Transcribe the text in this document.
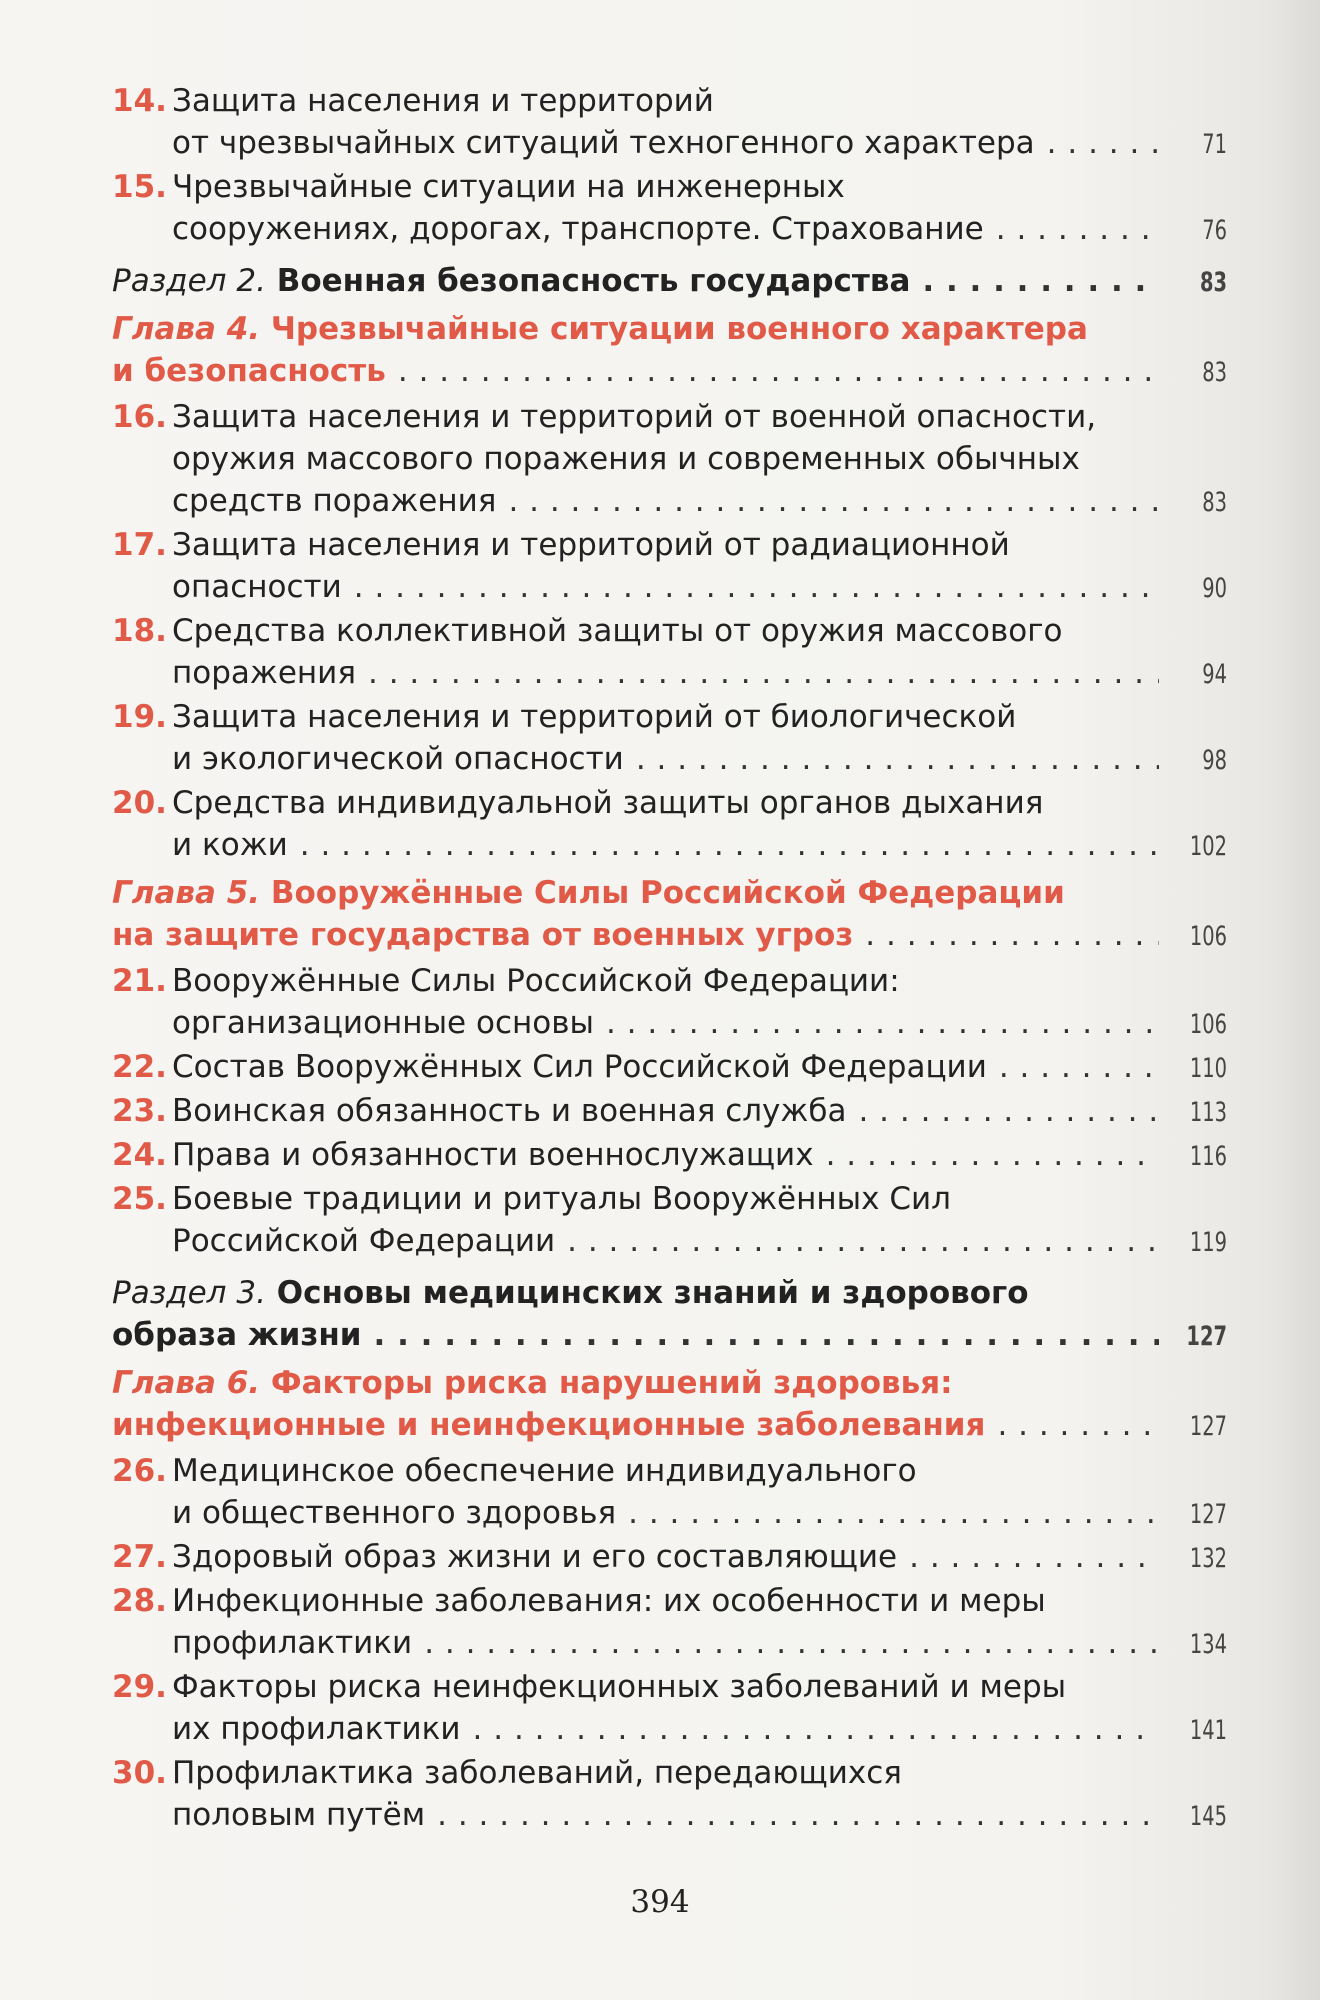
14. Защита населения и территорий
от чрезвычайных ситуаций техногенного характера . . .	71
15. Чрезвычайные ситуации на инженерных
сооружениях, дорогах, транспорте. Страхование . . .	76
Раздел 2.
Военная безопасность государства . . .	83
Глава 4.
Чрезвычайные ситуации военного характера
и безопасность . . .	83
16. Защита населения и территорий от военной опасности,
оружия массового поражения и современных обычных
средств поражения . . .	83
17. Защита населения и территорий от радиационной
опасности . . .	90
18. Средства коллективной защиты от оружия массового
поражения . . .	94
19. Защита населения и территорий от биологической
и экологической опасности . . .	98
20. Средства индивидуальной защиты органов дыхания
и кожи . . .	102
Глава 5.
Вооружённые Силы Российской Федерации
на защите государства от военных угроз . . .	106
21. Вооружённые Силы Российской Федерации:
организационные основы . . .	106
22. Состав Вооружённых Сил Российской Федерации . . .	110
23. Воинская обязанность и военная служба . . .	113
24. Права и обязанности военнослужащих . . .	116
25. Боевые традиции и ритуалы Вооружённых Сил
Российской Федерации . . .	119
Раздел 3.
Основы медицинских знаний и здорового
образа жизни . . .	127
Глава 6.
Факторы риска нарушений здоровья:
инфекционные и неинфекционные заболевания . . .	127
26. Медицинское обеспечение индивидуального
и общественного здоровья . . .	127
27. Здоровый образ жизни и его составляющие . . .	132
28. Инфекционные заболевания: их особенности и меры
профилактики . . .	134
29. Факторы риска неинфекционных заболеваний и меры
их профилактики . . .	141
30. Профилактика заболеваний, передающихся
половым путём . . .	145
394
